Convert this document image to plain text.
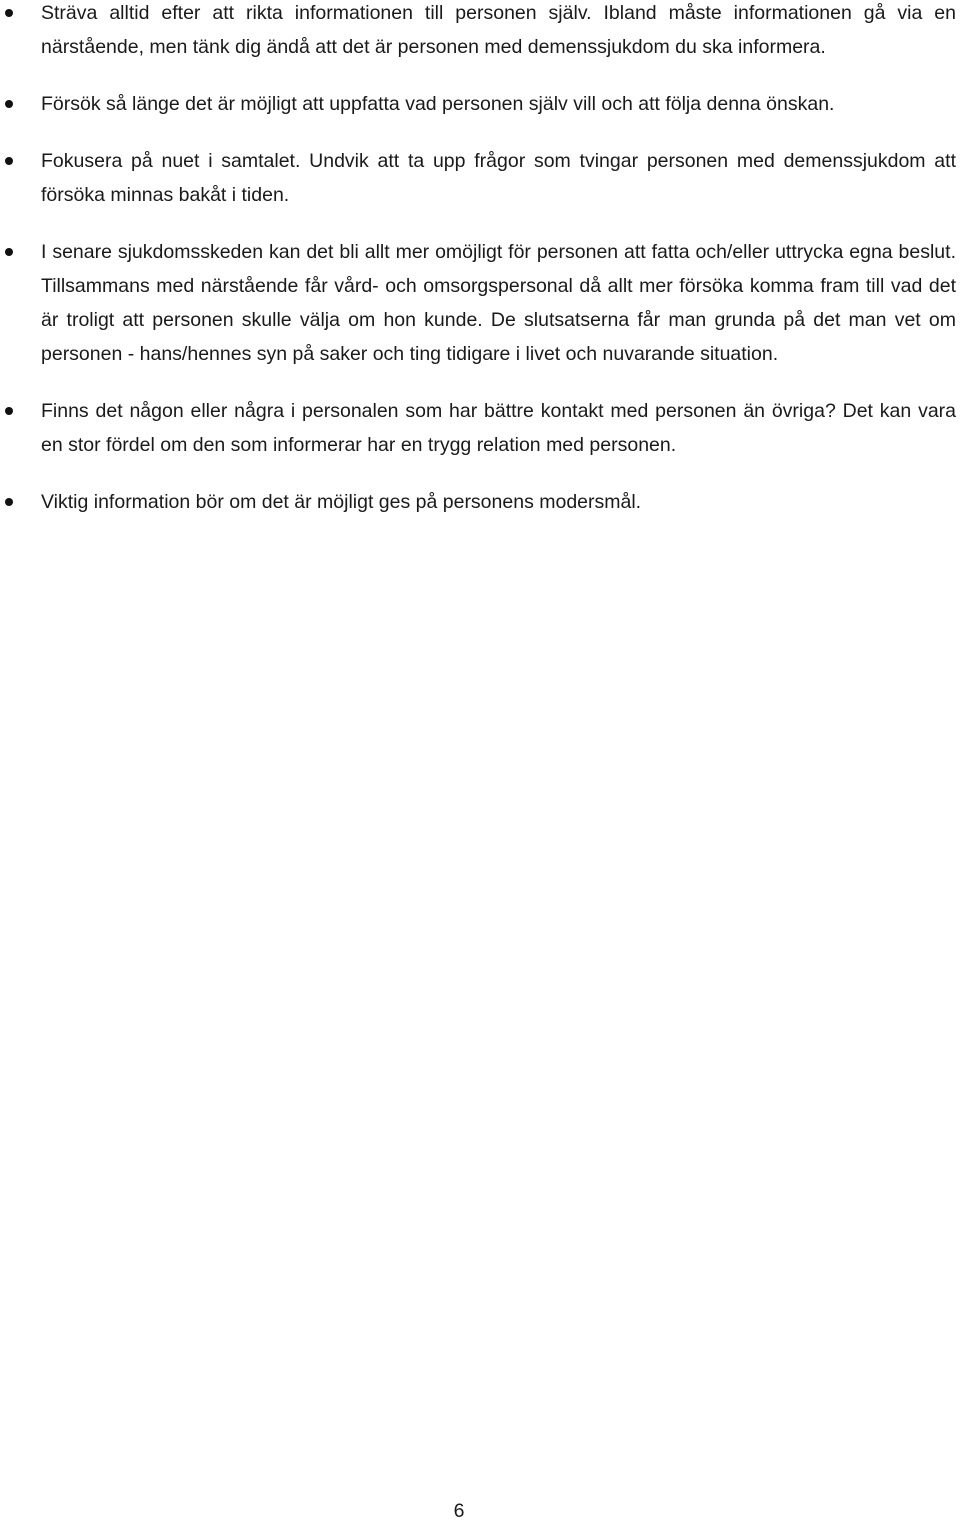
Sträva alltid efter att rikta informationen till personen själv. Ibland måste informationen gå via en närstående, men tänk dig ändå att det är personen med demenssjukdom du ska informera.
Försök så länge det är möjligt att uppfatta vad personen själv vill och att följa denna önskan.
Fokusera på nuet i samtalet. Undvik att ta upp frågor som tvingar personen med demenssjukdom att försöka minnas bakåt i tiden.
I senare sjukdomsskeden kan det bli allt mer omöjligt för personen att fatta och/eller uttrycka egna beslut. Tillsammans med närstående får vård- och omsorgspersonal då allt mer försöka komma fram till vad det är troligt att personen skulle välja om hon kunde. De slutsatserna får man grunda på det man vet om personen - hans/hennes syn på saker och ting tidigare i livet och nuvarande situation.
Finns det någon eller några i personalen som har bättre kontakt med personen än övriga? Det kan vara en stor fördel om den som informerar har en trygg relation med personen.
Viktig information bör om det är möjligt ges på personens modersmål.
6
